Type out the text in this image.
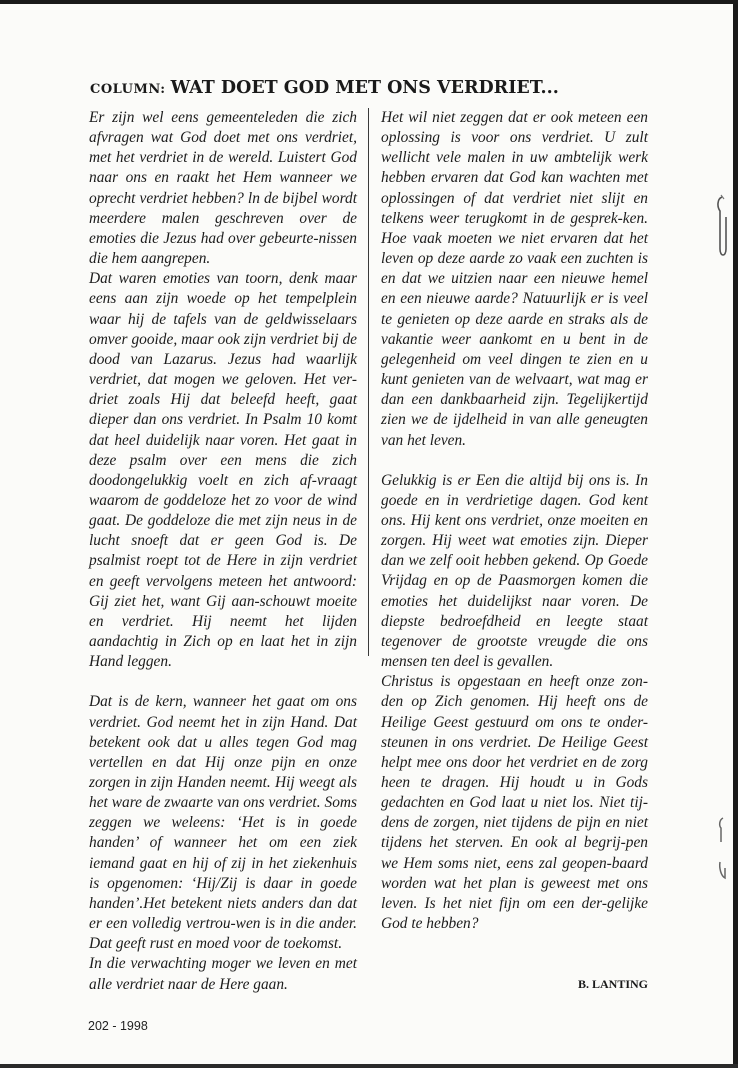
COLUMN: WAT DOET GOD MET ONS VERDRIET...

Er zijn wel eens gemeenteleden die zich afvragen wat God doet met ons verdriet, met het verdriet in de wereld. Luistert God naar ons en raakt het Hem wanneer we oprecht verdriet hebben? ln de bijbel wordt meerdere malen geschreven over de emoties die Jezus had over gebeurte-nissen die hem aangrepen.

Dat waren emoties van toorn, denk maar eens aan zijn woede op het tempelplein waar hij de tafels van de geldwisselaars omver gooide, maar ook zijn verdriet bij de dood van Lazarus. Jezus had waarlijk verdriet, dat mogen we geloven. Het ver-driet zoals Hij dat beleefd heeft, gaat dieper dan ons verdriet. In Psalm 10 komt dat heel duidelijk naar voren. Het gaat in deze psalm over een mens die zich doodongelukkig voelt en zich af-vraagt waarom de goddeloze het zo voor de wind gaat. De goddeloze die met zijn neus in de lucht snoeft dat er geen God is. De psalmist roept tot de Here in zijn verdriet en geeft vervolgens meteen het antwoord: Gij ziet het, want Gij aan-schouwt moeite en verdriet. Hij neemt het lijden aandachtig in Zich op en laat het in zijn Hand leggen.

Dat is de kern, wanneer het gaat om ons verdriet. God neemt het in zijn Hand. Dat betekent ook dat u alles tegen God mag vertellen en dat Hij onze pijn en onze zorgen in zijn Handen neemt. Hij weegt als het ware de zwaarte van ons verdriet. Soms zeggen we weleens: ‘Het is in goede handen’ of wanneer het om een ziek iemand gaat en hij of zij in het ziekenhuis is opgenomen: ‘Hij/Zij is daar in goede handen’.Het betekent niets anders dan dat er een volledig vertrou-wen is in die ander. Dat geeft rust en moed voor de toekomst.

In die verwachting moger we leven en met alle verdriet naar de Here gaan.

Het wil niet zeggen dat er ook meteen een oplossing is voor ons verdriet. U zult wellicht vele malen in uw ambtelijk werk hebben ervaren dat God kan wachten met oplossingen of dat verdriet niet slijt en telkens weer terugkomt in de gesprek-ken. Hoe vaak moeten we niet ervaren dat het leven op deze aarde zo vaak een zuchten is en dat we uitzien naar een nieuwe hemel en een nieuwe aarde? Natuurlijk er is veel te genieten op deze aarde en straks als de vakantie weer aankomt en u bent in de gelegenheid om veel dingen te zien en u kunt genieten van de welvaart, wat mag er dan een dankbaarheid zijn. Tegelijkertijd zien we de ijdelheid in van alle geneugten van het leven.

Gelukkig is er Een die altijd bij ons is. In goede en in verdrietige dagen. God kent ons. Hij kent ons verdriet, onze moeiten en zorgen. Hij weet wat emoties zijn. Dieper dan we zelf ooit hebben gekend. Op Goede Vrijdag en op de Paasmorgen komen die emoties het duidelijkst naar voren. De diepste bedroefdheid en leegte staat tegenover de grootste vreugde die ons mensen ten deel is gevallen.

Christus is opgestaan en heeft onze zon-den op Zich genomen. Hij heeft ons de Heilige Geest gestuurd om ons te onder-steunen in ons verdriet. De Heilige Geest helpt mee ons door het verdriet en de zorg heen te dragen. Hij houdt u in Gods gedachten en God laat u niet los. Niet tij-dens de zorgen, niet tijdens de pijn en niet tijdens het sterven. En ook al begrij-pen we Hem soms niet, eens zal geopen-baard worden wat het plan is geweest met ons leven. Is het niet fijn om een der-gelijke God te hebben?

B. LANTING
202 - 1998
